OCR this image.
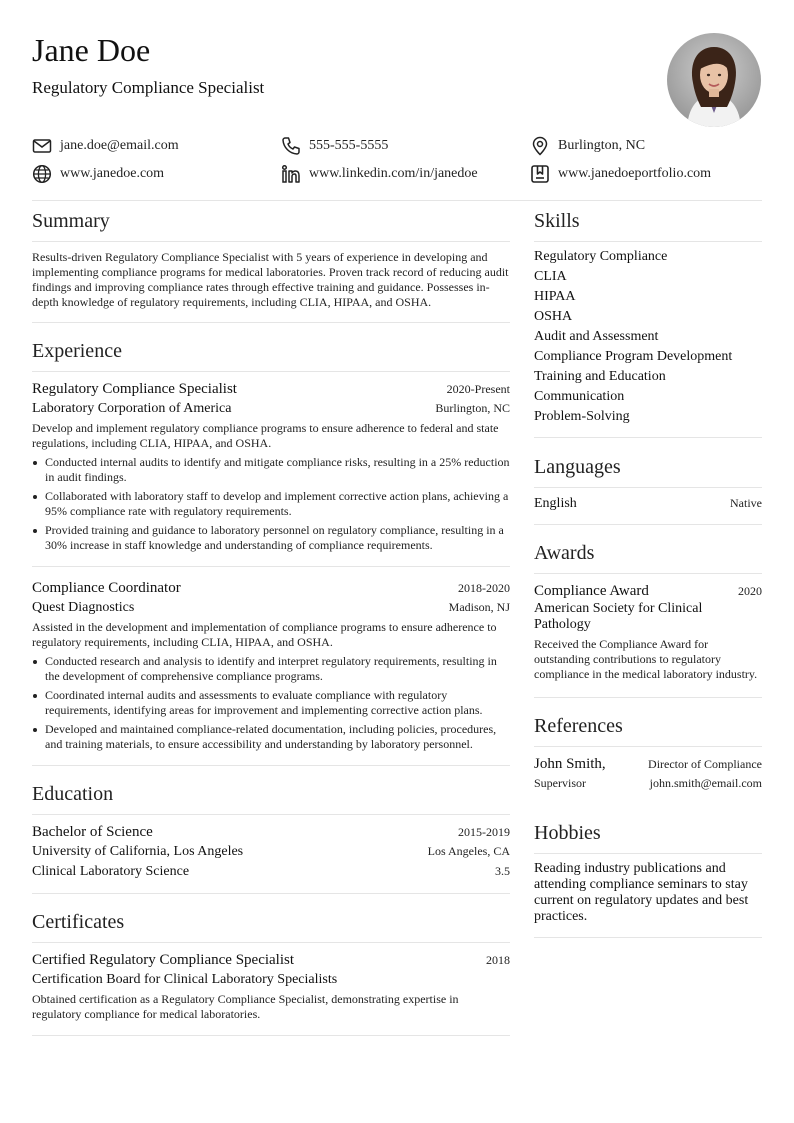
Jane Doe
Regulatory Compliance Specialist
jane.doe@email.com	555-555-5555	Burlington, NC
www.janedoe.com	www.linkedin.com/in/janedoe	www.janedoeportfolio.com
Summary
Results-driven Regulatory Compliance Specialist with 5 years of experience in developing and implementing compliance programs for medical laboratories. Proven track record of reducing audit findings and improving compliance rates through effective training and guidance. Possesses in-depth knowledge of regulatory requirements, including CLIA, HIPAA, and OSHA.
Experience
Regulatory Compliance Specialist	2020-Present
Laboratory Corporation of America	Burlington, NC
Develop and implement regulatory compliance programs to ensure adherence to federal and state regulations, including CLIA, HIPAA, and OSHA.
Conducted internal audits to identify and mitigate compliance risks, resulting in a 25% reduction in audit findings.
Collaborated with laboratory staff to develop and implement corrective action plans, achieving a 95% compliance rate with regulatory requirements.
Provided training and guidance to laboratory personnel on regulatory compliance, resulting in a 30% increase in staff knowledge and understanding of compliance requirements.
Compliance Coordinator	2018-2020
Quest Diagnostics	Madison, NJ
Assisted in the development and implementation of compliance programs to ensure adherence to regulatory requirements, including CLIA, HIPAA, and OSHA.
Conducted research and analysis to identify and interpret regulatory requirements, resulting in the development of comprehensive compliance programs.
Coordinated internal audits and assessments to evaluate compliance with regulatory requirements, identifying areas for improvement and implementing corrective action plans.
Developed and maintained compliance-related documentation, including policies, procedures, and training materials, to ensure accessibility and understanding by laboratory personnel.
Education
Bachelor of Science	2015-2019
University of California, Los Angeles	Los Angeles, CA
Clinical Laboratory Science	3.5
Certificates
Certified Regulatory Compliance Specialist	2018
Certification Board for Clinical Laboratory Specialists
Obtained certification as a Regulatory Compliance Specialist, demonstrating expertise in regulatory compliance for medical laboratories.
Skills
Regulatory Compliance
CLIA
HIPAA
OSHA
Audit and Assessment
Compliance Program Development
Training and Education
Communication
Problem-Solving
Languages
English	Native
Awards
Compliance Award	2020
American Society for Clinical Pathology
Received the Compliance Award for outstanding contributions to regulatory compliance in the medical laboratory industry.
References
John Smith,	Director of Compliance
Supervisor	john.smith@email.com
Hobbies
Reading industry publications and attending compliance seminars to stay current on regulatory updates and best practices.
